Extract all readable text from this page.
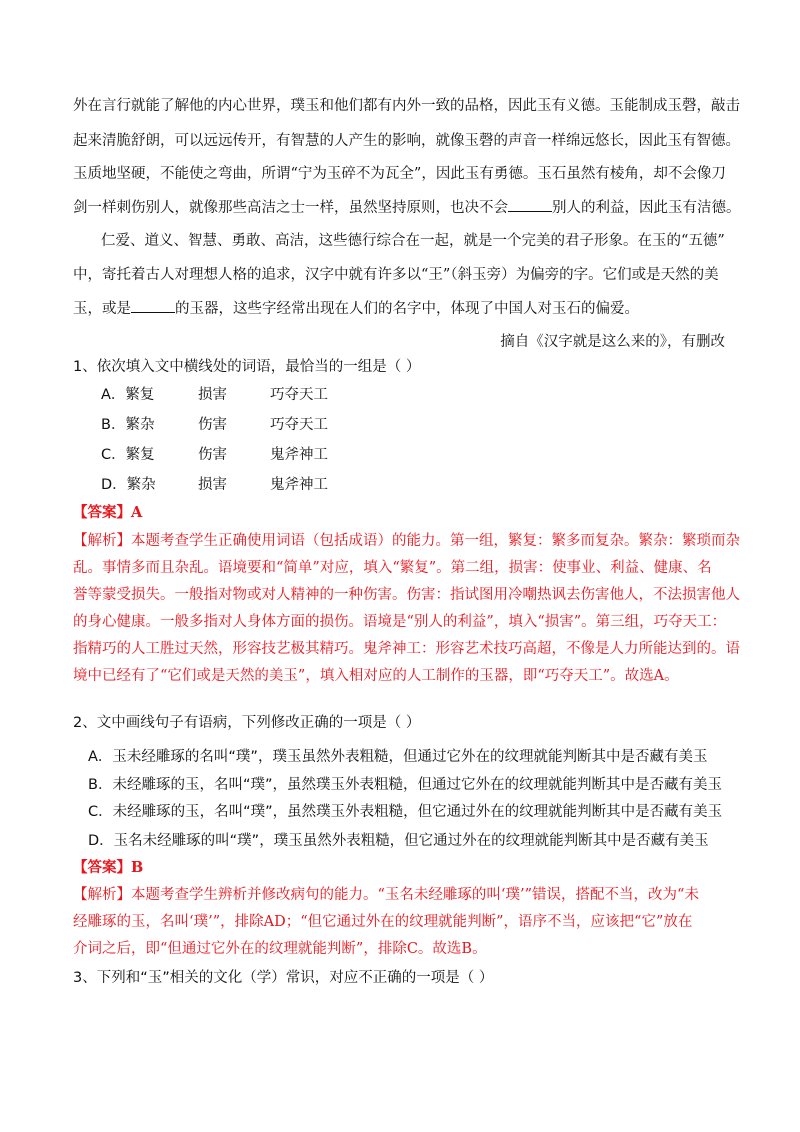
外在言行就能了解他的内心世界，璞玉和他们都有内外一致的品格，因此玉有义德。玉能制成玉磬，敲击
起来清脆舒朗，可以远远传开，有智慧的人产生的影响，就像玉磬的声音一样绵远悠长，因此玉有智德。
玉质地坚硬，不能使之弯曲，所谓“宁为玉碎不为瓦全”，因此玉有勇德。玉石虽然有棱角，却不会像刀
剑一样刺伤别人，就像那些高洁之士一样，虽然坚持原则，也决不会	别人的利益，因此玉有洁德。
仁爱、道义、智慧、勇敢、高洁，这些德行综合在一起，就是一个完美的君子形象。在玉的“五德”
中，寄托着古人对理想人格的追求，汉字中就有许多以“王”（斜玉旁）为偏旁的字。它们或是天然的美
玉，或是	的玉器，这些字经常出现在人们的名字中，体现了中国人对玉石的偏爱。
摘自《汉字就是这么来的》，有删改
1、依次填入文中横线处的词语，最恰当的一组是（ ）
A．繁复	损害	巧夺天工
B．繁杂	伤害	巧夺天工
C．繁复	伤害	鬼斧神工
D．繁杂	损害	鬼斧神工
【答案】A
【解析】本题考查学生正确使用词语（包括成语）的能力。第一组，繁复：繁多而复杂。繁杂：繁琐而杂
乱。事情多而且杂乱。语境要和“简单”对应，填入“繁复”。第二组，损害：使事业、利益、健康、名
誉等蒙受损失。一般指对物或对人精神的一种伤害。伤害：指试图用冷嘲热讽去伤害他人，不法损害他人
的身心健康。一般多指对人身体方面的损伤。语境是“别人的利益”，填入“损害”。第三组，巧夺天工：
指精巧的人工胜过天然，形容技艺极其精巧。鬼斧神工：形容艺术技巧高超，不像是人力所能达到的。语
境中已经有了“它们或是天然的美玉”，填入相对应的人工制作的玉器，即“巧夺天工”。故选A。
2、文中画线句子有语病，下列修改正确的一项是（ ）
A．玉未经雕琢的名叫“璞”，璞玉虽然外表粗糙，但通过它外在的纹理就能判断其中是否藏有美玉
B．未经雕琢的玉，名叫“璞”，虽然璞玉外表粗糙，但通过它外在的纹理就能判断其中是否藏有美玉
C．未经雕琢的玉，名叫“璞”，虽然璞玉外表粗糙，但它通过外在的纹理就能判断其中是否藏有美玉
D．玉名未经雕琢的叫“璞”，璞玉虽然外表粗糙，但它通过外在的纹理就能判断其中是否藏有美玉
【答案】B
【解析】本题考查学生辨析并修改病句的能力。“玉名未经雕琢的叫‘璞’”错误，搭配不当，改为“未
经雕琢的玉，名叫‘璞’”，排除AD；“但它通过外在的纹理就能判断”，语序不当，应该把“它”放在
介词之后，即“但通过它外在的纹理就能判断”，排除C。故选B。
3、下列和“玉”相关的文化（学）常识，对应不正确的一项是（ ）
